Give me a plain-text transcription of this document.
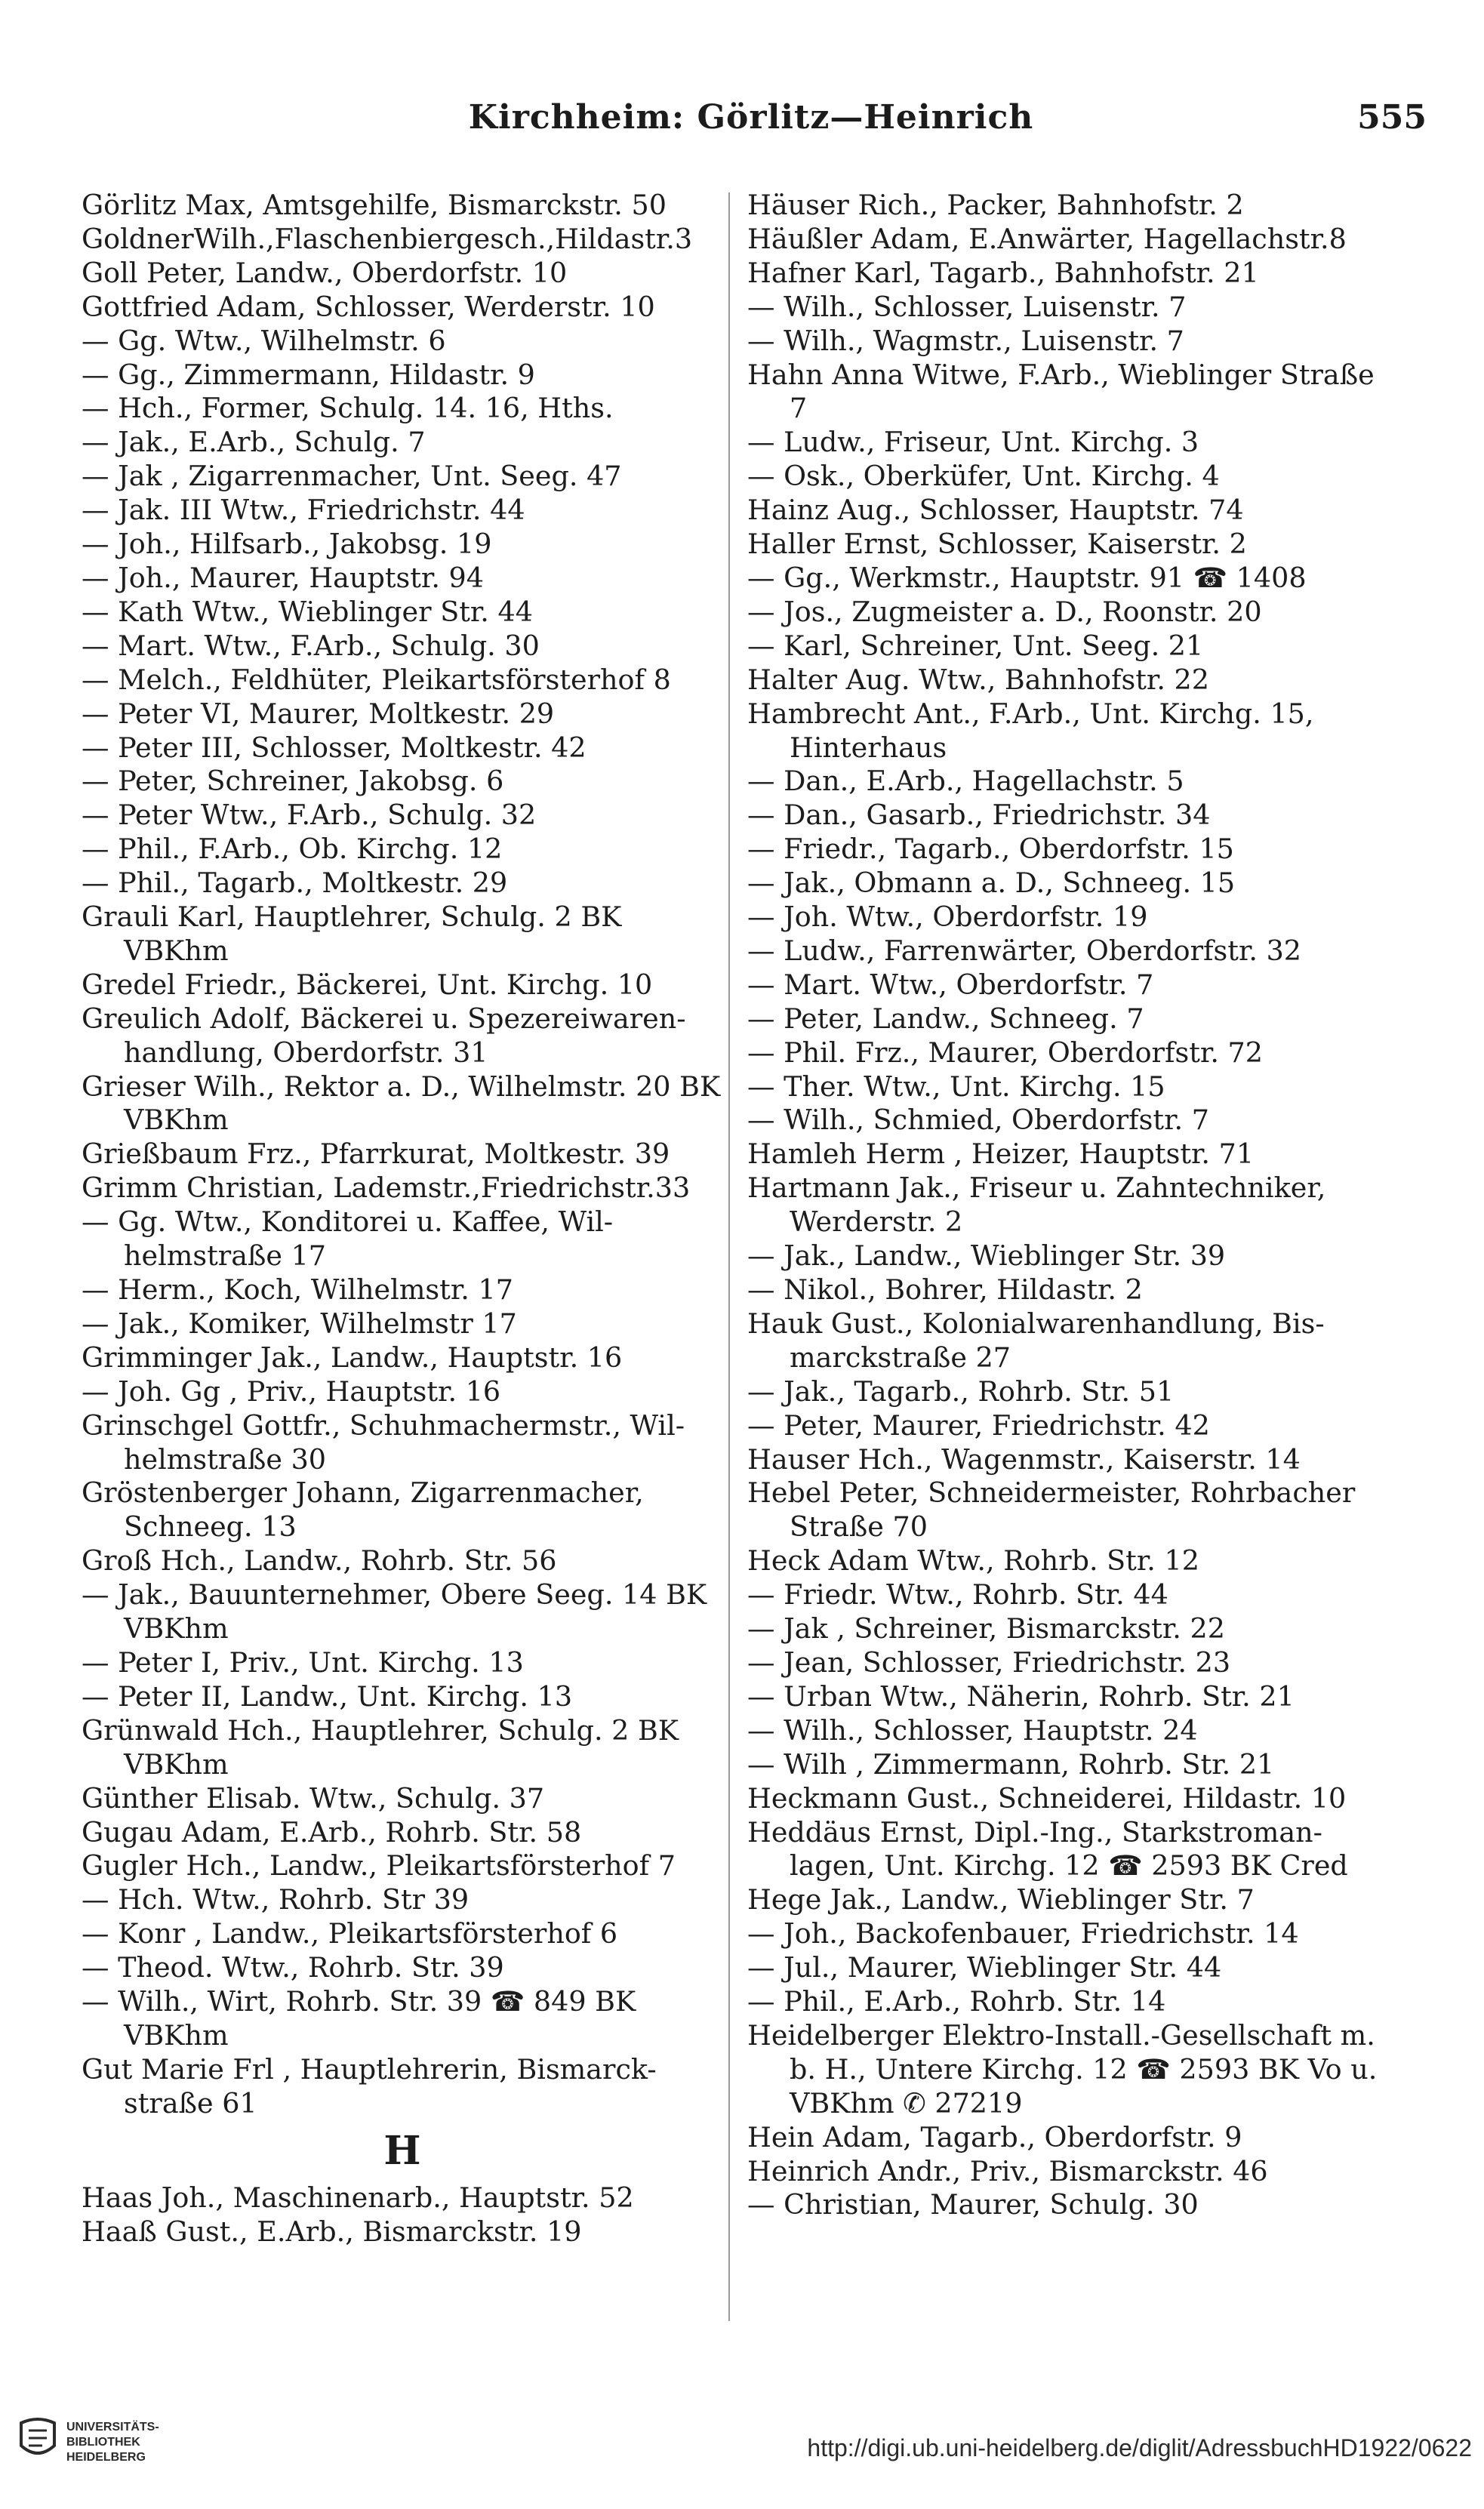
Kirchheim: Görlitz—Heinrich	555
Görlitz Max, Amtsgehilfe, Bismarckstr. 50
GoldnerWilh.,Flaschenbiergesch.,Hildastr.3
Goll Peter, Landw., Oberdorfstr. 10
Gottfried Adam, Schlosser, Werderstr. 10
— Gg. Wtw., Wilhelmstr. 6
— Gg., Zimmermann, Hildastr. 9
— Hch., Former, Schulg. 14. 16, Hths.
— Jak., E.Arb., Schulg. 7
— Jak , Zigarrenmacher, Unt. Seeg. 47
— Jak. III Wtw., Friedrichstr. 44
— Joh., Hilfsarb., Jakobsg. 19
— Joh., Maurer, Hauptstr. 94
— Kath Wtw., Wieblinger Str. 44
— Mart. Wtw., F.Arb., Schulg. 30
— Melch., Feldhüter, Pleikartsförsterhof 8
— Peter VI, Maurer, Moltkestr. 29
— Peter III, Schlosser, Moltkestr. 42
— Peter, Schreiner, Jakobsg. 6
— Peter Wtw., F.Arb., Schulg. 32
— Phil., F.Arb., Ob. Kirchg. 12
— Phil., Tagarb., Moltkestr. 29
Grauli Karl, Hauptlehrer, Schulg. 2 BK VBKhm
Gredel Friedr., Bäckerei, Unt. Kirchg. 10
Greulich Adolf, Bäckerei u. Spezereiwaren-handlung, Oberdorfstr. 31
Grieser Wilh., Rektor a. D., Wilhelmstr. 20 BK VBKhm
Grießbaum Frz., Pfarrkurat, Moltkestr. 39
Grimm Christian, Lademstr.,Friedrichstr.33
— Gg. Wtw., Konditorei u. Kaffee, Wil-helmstraße 17
— Herm., Koch, Wilhelmstr. 17
— Jak., Komiker, Wilhelmstr 17
Grimminger Jak., Landw., Hauptstr. 16
— Joh. Gg , Priv., Hauptstr. 16
Grinschgel Gottfr., Schuhmachermstr., Wil-helmstraße 30
Gröstenberger Johann, Zigarrenmacher, Schneeg. 13
Groß Hch., Landw., Rohrb. Str. 56
— Jak., Bauunternehmer, Obere Seeg. 14 BK VBKhm
— Peter I, Priv., Unt. Kirchg. 13
— Peter II, Landw., Unt. Kirchg. 13
Grünwald Hch., Hauptlehrer, Schulg. 2 BK VBKhm
Günther Elisab. Wtw., Schulg. 37
Gugau Adam, E.Arb., Rohrb. Str. 58
Gugler Hch., Landw., Pleikartsförsterhof 7
— Hch. Wtw., Rohrb. Str 39
— Konr , Landw., Pleikartsförsterhof 6
— Theod. Wtw., Rohrb. Str. 39
— Wilh., Wirt, Rohrb. Str. 39 ☎ 849 BK VBKhm
Gut Marie Frl , Hauptlehrerin, Bismarck-straße 61
H
Haas Joh., Maschinenarb., Hauptstr. 52
Haaß Gust., E.Arb., Bismarckstr. 19
Häuser Rich., Packer, Bahnhofstr. 2
Häußler Adam, E.Anwärter, Hagellachstr.8
Hafner Karl, Tagarb., Bahnhofstr. 21
— Wilh., Schlosser, Luisenstr. 7
— Wilh., Wagmstr., Luisenstr. 7
Hahn Anna Witwe, F.Arb., Wieblinger Straße 7
— Ludw., Friseur, Unt. Kirchg. 3
— Osk., Oberküfer, Unt. Kirchg. 4
Hainz Aug., Schlosser, Hauptstr. 74
Haller Ernst, Schlosser, Kaiserstr. 2
— Gg., Werkmstr., Hauptstr. 91 ☎ 1408
— Jos., Zugmeister a. D., Roonstr. 20
— Karl, Schreiner, Unt. Seeg. 21
Halter Aug. Wtw., Bahnhofstr. 22
Hambrecht Ant., F.Arb., Unt. Kirchg. 15, Hinterhaus
— Dan., E.Arb., Hagellachstr. 5
— Dan., Gasarb., Friedrichstr. 34
— Friedr., Tagarb., Oberdorfstr. 15
— Jak., Obmann a. D., Schneeg. 15
— Joh. Wtw., Oberdorfstr. 19
— Ludw., Farrenwärter, Oberdorfstr. 32
— Mart. Wtw., Oberdorfstr. 7
— Peter, Landw., Schneeg. 7
— Phil. Frz., Maurer, Oberdorfstr. 72
— Ther. Wtw., Unt. Kirchg. 15
— Wilh., Schmied, Oberdorfstr. 7
Hamleh Herm , Heizer, Hauptstr. 71
Hartmann Jak., Friseur u. Zahntechniker, Werderstr. 2
— Jak., Landw., Wieblinger Str. 39
— Nikol., Bohrer, Hildastr. 2
Hauk Gust., Kolonialwarenhandlung, Bis-marckstraße 27
— Jak., Tagarb., Rohrb. Str. 51
— Peter, Maurer, Friedrichstr. 42
Hauser Hch., Wagenmstr., Kaiserstr. 14
Hebel Peter, Schneidermeister, Rohrbacher Straße 70
Heck Adam Wtw., Rohrb. Str. 12
— Friedr. Wtw., Rohrb. Str. 44
— Jak , Schreiner, Bismarckstr. 22
— Jean, Schlosser, Friedrichstr. 23
— Urban Wtw., Näherin, Rohrb. Str. 21
— Wilh., Schlosser, Hauptstr. 24
— Wilh , Zimmermann, Rohrb. Str. 21
Heckmann Gust., Schneiderei, Hildastr. 10
Heddäus Ernst, Dipl.-Ing., Starkstroman-lagen, Unt. Kirchg. 12 ☎ 2593 BK Cred
Hege Jak., Landw., Wieblinger Str. 7
— Joh., Backofenbauer, Friedrichstr. 14
— Jul., Maurer, Wieblinger Str. 44
— Phil., E.Arb., Rohrb. Str. 14
Heidelberger Elektro-Install.-Gesellschaft m. b. H., Untere Kirchg. 12 ☎ 2593 BK Vo u. VBKhm ✆ 27219
Hein Adam, Tagarb., Oberdorfstr. 9
Heinrich Andr., Priv., Bismarckstr. 46
— Christian, Maurer, Schulg. 30
UNIVERSITÄTS-
BIBLIOTHEK
HEIDELBERG	http://digi.ub.uni-heidelberg.de/diglit/AdressbuchHD1922/0622
